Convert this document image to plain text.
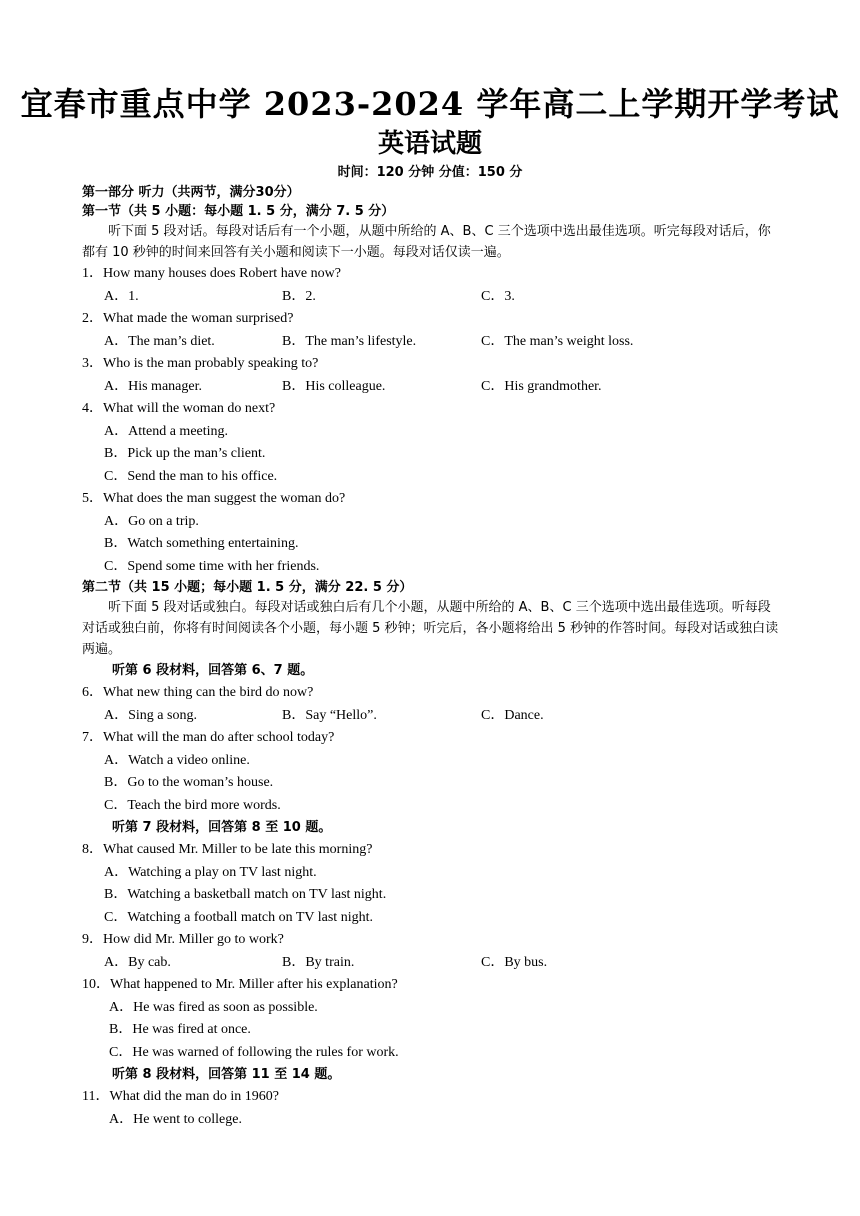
宜春市重点中学 2023-2024 学年高二上学期开学考试
英语试题
时间：120 分钟 分值：150 分
第一部分 听力（共两节，满分30分）
第一节（共 5 小题：每小题 1. 5 分，满分 7. 5 分）
听下面 5 段对话。每段对话后有一个小题，从题中所给的 A、B、C 三个选项中选出最佳选项。听完每段对话后，你都有 10 秒钟的时间来回答有关小题和阅读下一小题。每段对话仅读一遍。
1．How many houses does Robert have now?
A．1.	B．2.	C．3.
2．What made the woman surprised?
A．The man’s diet.	B．The man’s lifestyle.	C．The man’s weight loss.
3．Who is the man probably speaking to?
A．His manager.	B．His colleague.	C．His grandmother.
4．What will the woman do next?
A．Attend a meeting.
B．Pick up the man’s client.
C．Send the man to his office.
5．What does the man suggest the woman do?
A．Go on a trip.
B．Watch something entertaining.
C．Spend some time with her friends.
第二节（共 15 小题；每小题 1. 5 分，满分 22. 5 分）
听下面 5 段对话或独白。每段对话或独白后有几个小题，从题中所给的 A、B、C 三个选项中选出最佳选项。听每段对话或独白前，你将有时间阅读各个小题，每小题 5 秒钟；听完后，各小题将给出 5 秒钟的作答时间。每段对话或独白读两遍。
听第 6 段材料，回答第 6、7 题。
6．What new thing can the bird do now?
A．Sing a song.	B．Say “Hello”.	C．Dance.
7．What will the man do after school today?
A．Watch a video online.
B．Go to the woman’s house.
C．Teach the bird more words.
听第 7 段材料，回答第 8 至 10 题。
8．What caused Mr. Miller to be late this morning?
A．Watching a play on TV last night.
B．Watching a basketball match on TV last night.
C．Watching a football match on TV last night.
9．How did Mr. Miller go to work?
A．By cab.	B．By train.	C．By bus.
10．What happened to Mr. Miller after his explanation?
A．He was fired as soon as possible.
B．He was fired at once.
C．He was warned of following the rules for work.
听第 8 段材料，回答第 11 至 14 题。
11．What did the man do in 1960?
A．He went to college.
